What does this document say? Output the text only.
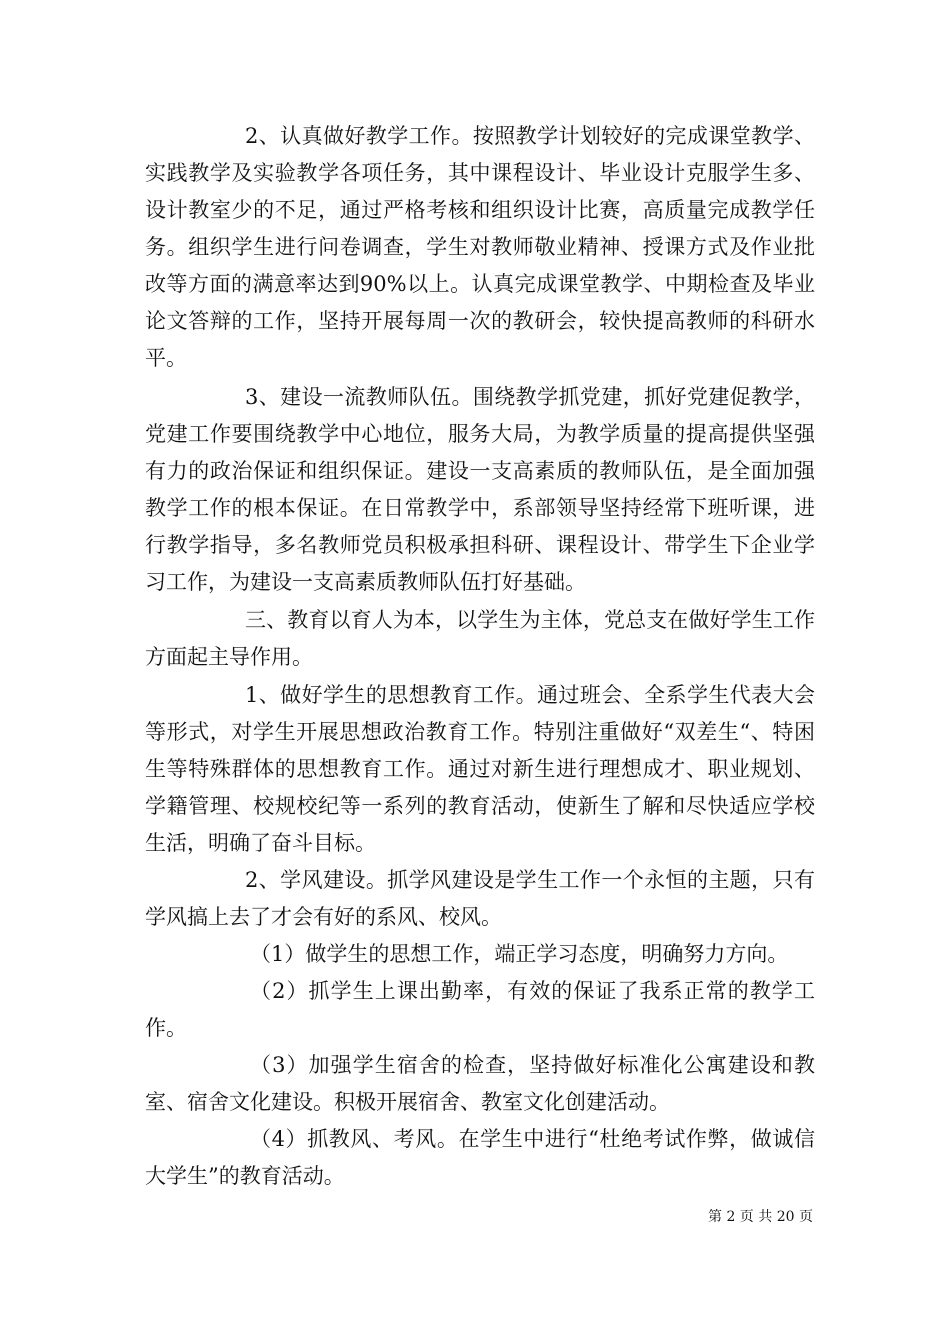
2、认真做好教学工作。按照教学计划较好的完成课堂教学、实践教学及实验教学各项任务，其中课程设计、毕业设计克服学生多、设计教室少的不足，通过严格考核和组织设计比赛，高质量完成教学任务。组织学生进行问卷调查，学生对教师敬业精神、授课方式及作业批改等方面的满意率达到90%以上。认真完成课堂教学、中期检查及毕业论文答辩的工作，坚持开展每周一次的教研会，较快提高教师的科研水平。

3、建设一流教师队伍。围绕教学抓党建，抓好党建促教学，党建工作要围绕教学中心地位，服务大局，为教学质量的提高提供坚强有力的政治保证和组织保证。建设一支高素质的教师队伍，是全面加强教学工作的根本保证。在日常教学中，系部领导坚持经常下班听课，进行教学指导，多名教师党员积极承担科研、课程设计、带学生下企业学习工作，为建设一支高素质教师队伍打好基础。

三、教育以育人为本，以学生为主体，党总支在做好学生工作方面起主导作用。

1、做好学生的思想教育工作。通过班会、全系学生代表大会等形式，对学生开展思想政治教育工作。特别注重做好“双差生“、特困生等特殊群体的思想教育工作。通过对新生进行理想成才、职业规划、学籍管理、校规校纪等一系列的教育活动，使新生了解和尽快适应学校生活，明确了奋斗目标。

2、学风建设。抓学风建设是学生工作一个永恒的主题，只有学风搞上去了才会有好的系风、校风。

（1）做学生的思想工作，端正学习态度，明确努力方向。

（2）抓学生上课出勤率，有效的保证了我系正常的教学工作。

（3）加强学生宿舍的检查，坚持做好标准化公寓建设和教室、宿舍文化建设。积极开展宿舍、教室文化创建活动。

（4）抓教风、考风。在学生中进行“杜绝考试作弊，做诚信大学生”的教育活动。

第 2 页 共 20 页
